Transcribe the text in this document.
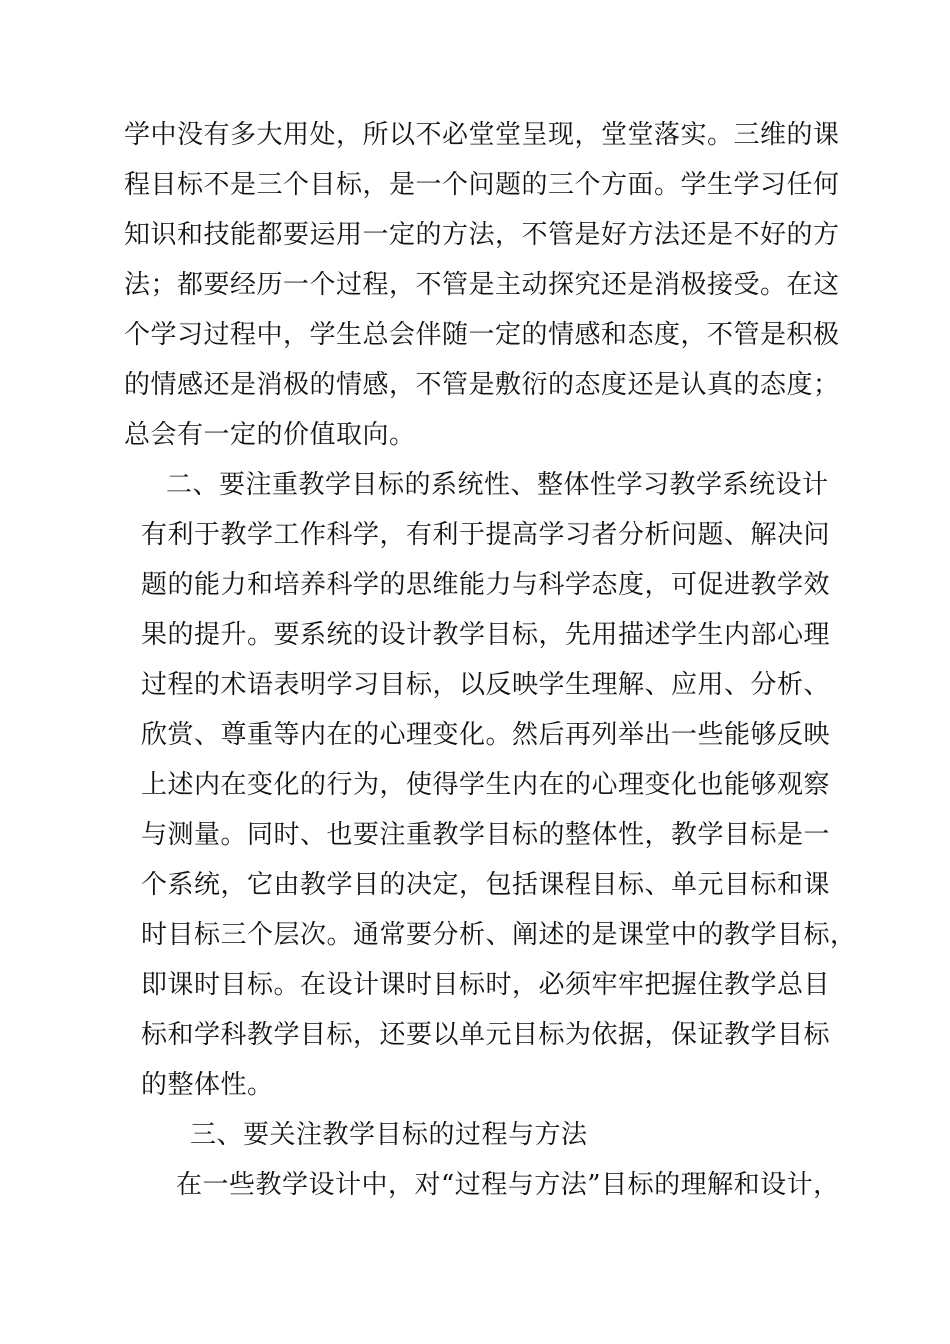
学中没有多大用处，所以不必堂堂呈现，堂堂落实。三维的课
程目标不是三个目标，是一个问题的三个方面。学生学习任何
知识和技能都要运用一定的方法，不管是好方法还是不好的方
法；都要经历一个过程，不管是主动探究还是消极接受。在这
个学习过程中，学生总会伴随一定的情感和态度，不管是积极
的情感还是消极的情感，不管是敷衍的态度还是认真的态度；
总会有一定的价值取向。
二、要注重教学目标的系统性、整体性学习教学系统设计
有利于教学工作科学，有利于提高学习者分析问题、解决问
题的能力和培养科学的思维能力与科学态度，可促进教学效
果的提升。要系统的设计教学目标，先用描述学生内部心理
过程的术语表明学习目标，以反映学生理解、应用、分析、
欣赏、尊重等内在的心理变化。然后再列举出一些能够反映
上述内在变化的行为，使得学生内在的心理变化也能够观察
与测量。同时、也要注重教学目标的整体性，教学目标是一
个系统，它由教学目的决定，包括课程目标、单元目标和课
时目标三个层次。通常要分析、阐述的是课堂中的教学目标，
即课时目标。在设计课时目标时，必须牢牢把握住教学总目
标和学科教学目标，还要以单元目标为依据，保证教学目标
的整体性。
三、要关注教学目标的过程与方法
在一些教学设计中，对“过程与方法”目标的理解和设计，
